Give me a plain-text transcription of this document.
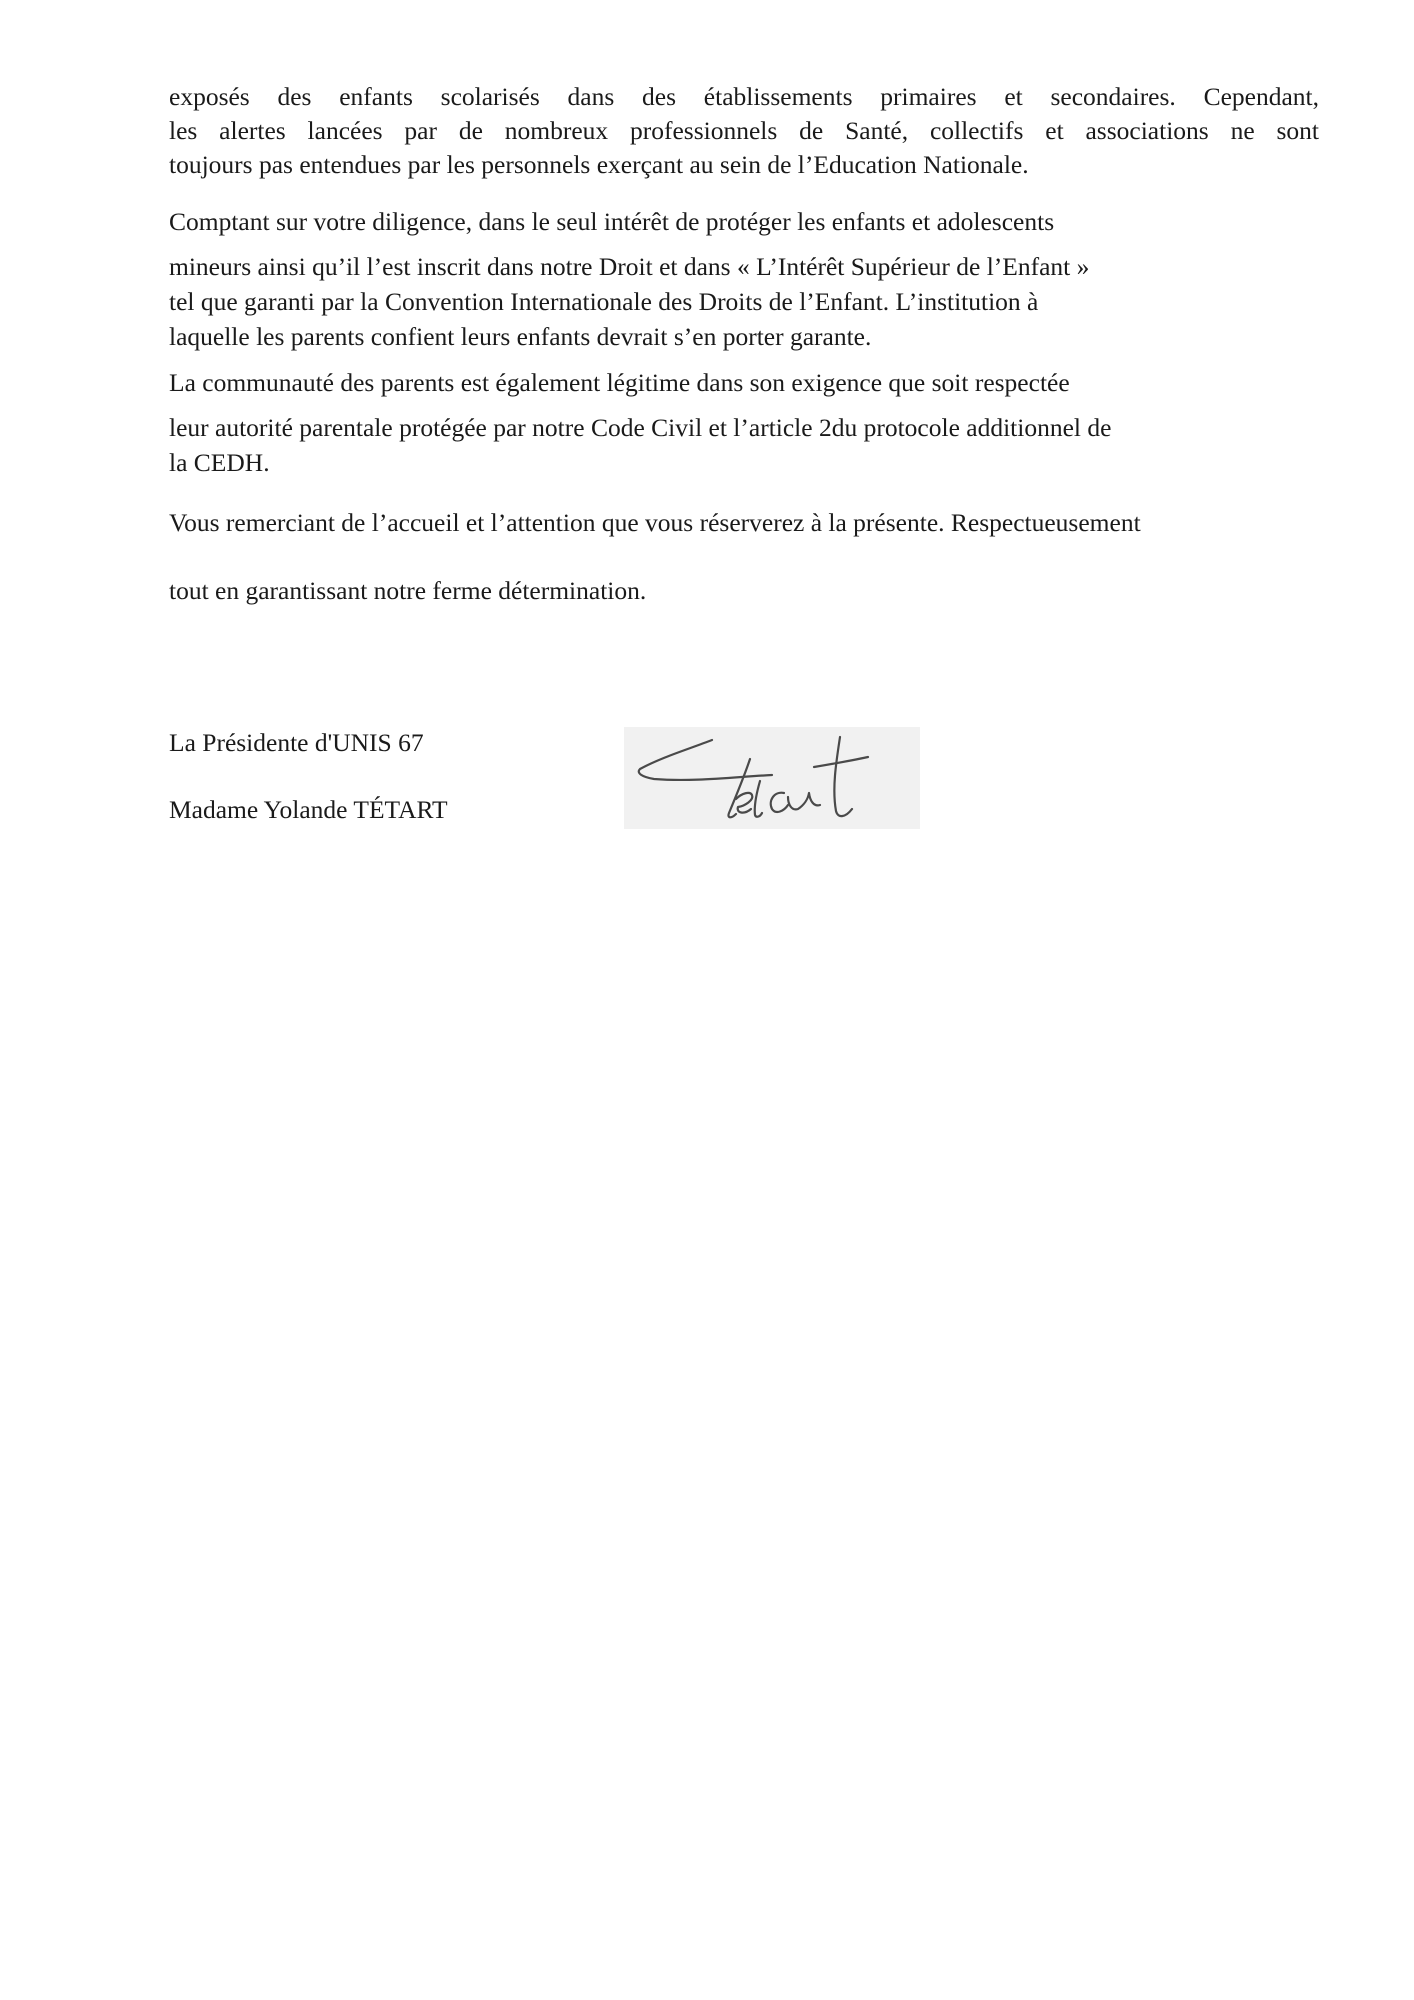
exposés des enfants scolarisés dans des établissements primaires et secondaires. Cependant,
les alertes lancées par de nombreux professionnels de Santé, collectifs et associations ne sont
toujours pas entendues par les personnels exerçant au sein de l’Education Nationale.
Comptant sur votre diligence, dans le seul intérêt de protéger les enfants et adolescents
mineurs ainsi qu’il l’est inscrit dans notre Droit et dans « L’Intérêt Supérieur de l’Enfant »
tel que garanti par la Convention Internationale des Droits de l’Enfant. L’institution à
laquelle les parents confient leurs enfants devrait s’en porter garante.
La communauté des parents est également légitime dans son exigence que soit respectée
leur autorité parentale protégée par notre Code Civil et l’article 2du protocole additionnel de
la CEDH.
Vous remerciant de l’accueil et l’attention que vous réserverez à la présente. Respectueusement
tout en garantissant notre ferme détermination.
La Présidente d'UNIS 67
Madame Yolande TÉTART
